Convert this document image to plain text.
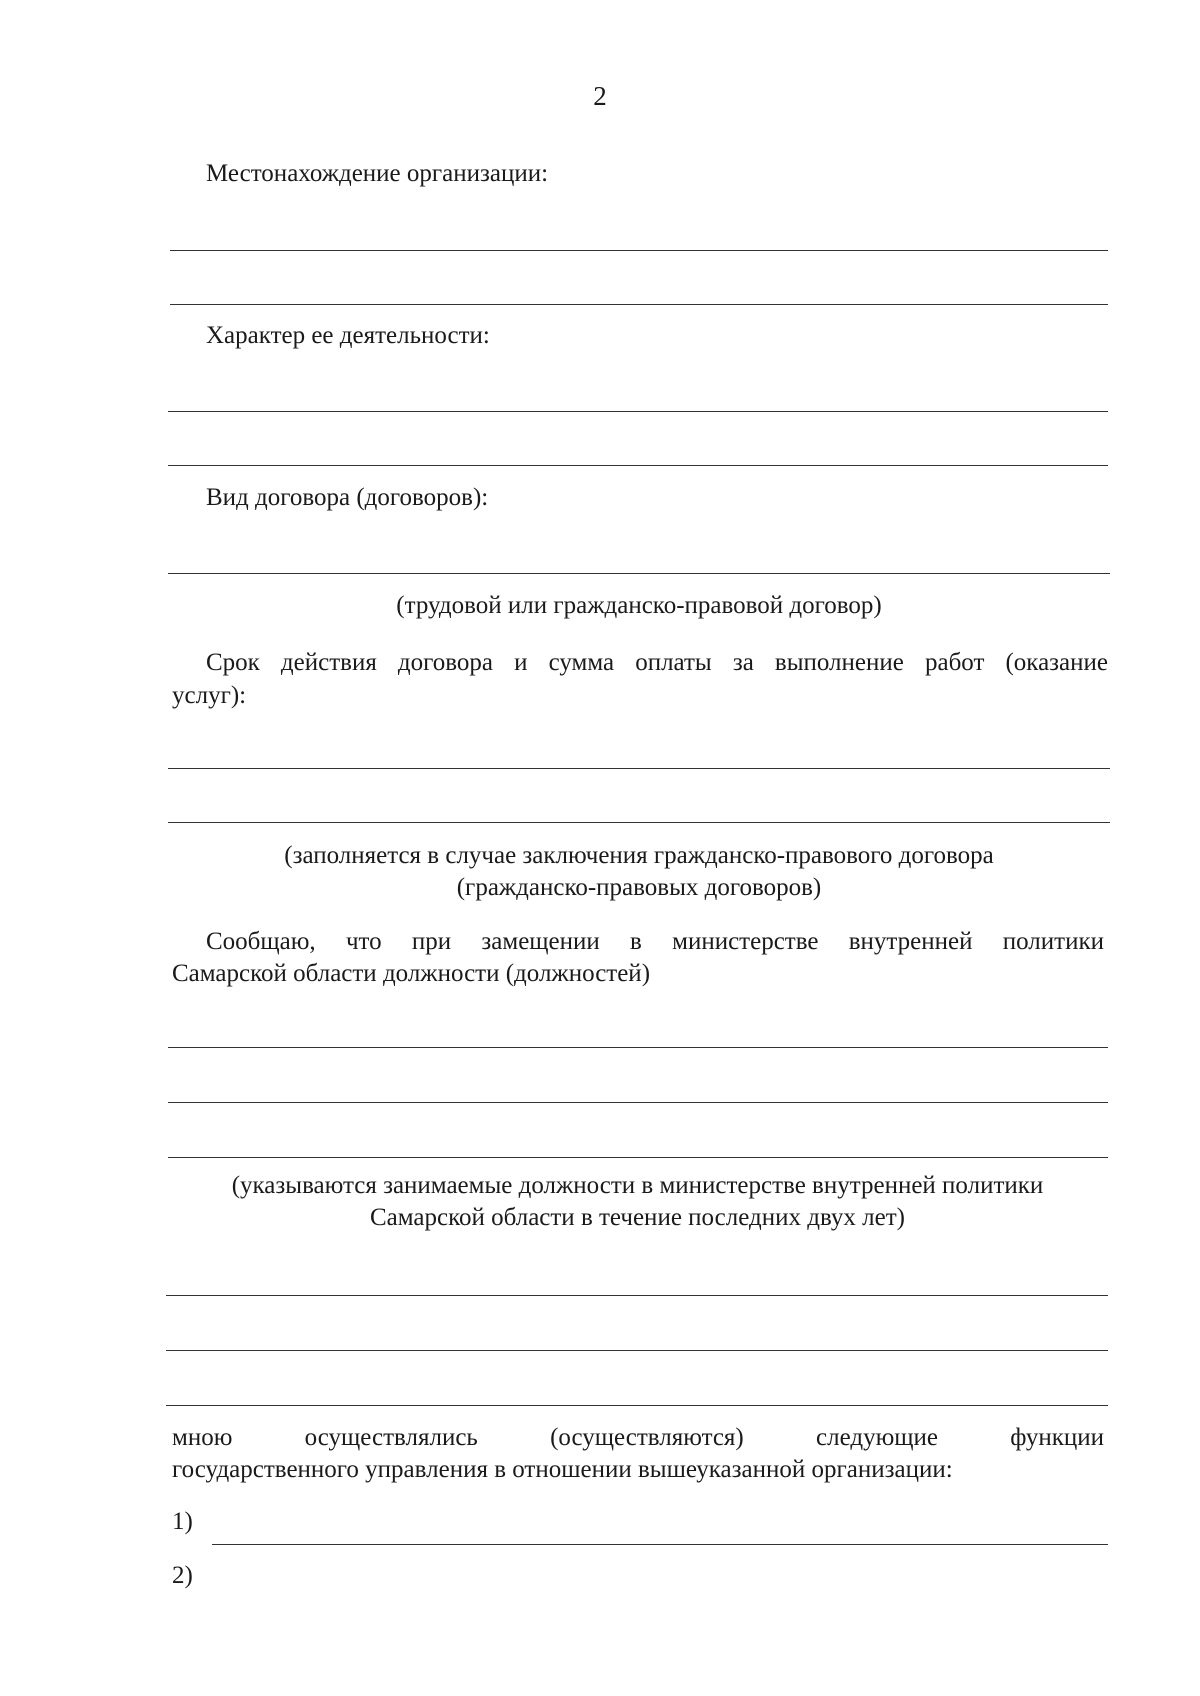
2
Местонахождение организации:
Характер ее деятельности:
Вид договора (договоров):
(трудовой или гражданско-правовой договор)
Срок действия договора и сумма оплаты за выполнение работ (оказание
услуг):
(заполняется в случае заключения гражданско-правового договора
(гражданско-правовых договоров)
Сообщаю, что при замещении в министерстве внутренней политики
Самарской области должности (должностей)
(указываются занимаемые должности в министерстве внутренней политики
Самарской области в течение последних двух лет)
мною осуществлялись (осуществляются) следующие функции
государственного управления в отношении вышеуказанной организации:
1)
2)
